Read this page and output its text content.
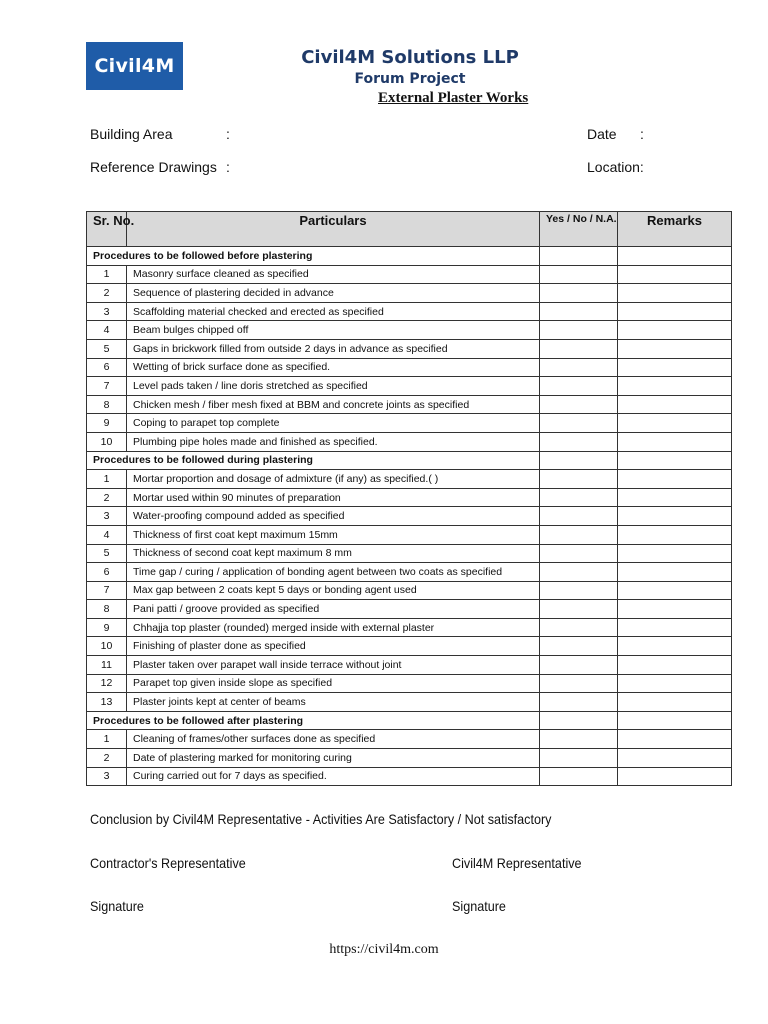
Civil4M	Civil4M Solutions LLP
Forum Project
External Plaster Works
Building Area	:	Date :
Reference Drawings :	Location:
Sr. No.	Particulars	Yes / No / N.A.	Remarks
Procedures to be followed before plastering			
1	Masonry surface cleaned as specified		
2	Sequence of plastering decided in advance		
3	Scaffolding material checked and erected as specified		
4	Beam bulges chipped off		
5	Gaps in brickwork filled from outside 2 days in advance as specified		
6	Wetting of brick surface done as specified.		
7	Level pads taken / line doris stretched as specified		
8	Chicken mesh / fiber mesh fixed at BBM and concrete joints as specified		
9	Coping to parapet top complete		
10	Plumbing pipe holes made and finished as specified.		
Procedures to be followed during plastering			
1	Mortar proportion and dosage of admixture (if any) as specified.( )		
2	Mortar used within 90 minutes of preparation		
3	Water-proofing compound added as specified		
4	Thickness of first coat kept maximum 15mm		
5	Thickness of second coat kept maximum 8 mm		
6	Time gap / curing / application of bonding agent between two coats as specified		
7	Max gap between 2 coats kept 5 days or bonding agent used		
8	Pani patti / groove provided as specified		
9	Chhajja top plaster (rounded) merged inside with external plaster		
10	Finishing of plaster done as specified		
11	Plaster taken over parapet wall inside terrace without joint		
12	Parapet top given inside slope as specified		
13	Plaster joints kept at center of beams		
Procedures to be followed after plastering			
1	Cleaning of frames/other surfaces done as specified		
2	Date of plastering marked for monitoring curing		
3	Curing carried out for 7 days as specified.		
Conclusion by Civil4M Representative - Activities Are Satisfactory / Not satisfactory
Contractor's Representative	Civil4M Representative
Signature	Signature
https://civil4m.com
